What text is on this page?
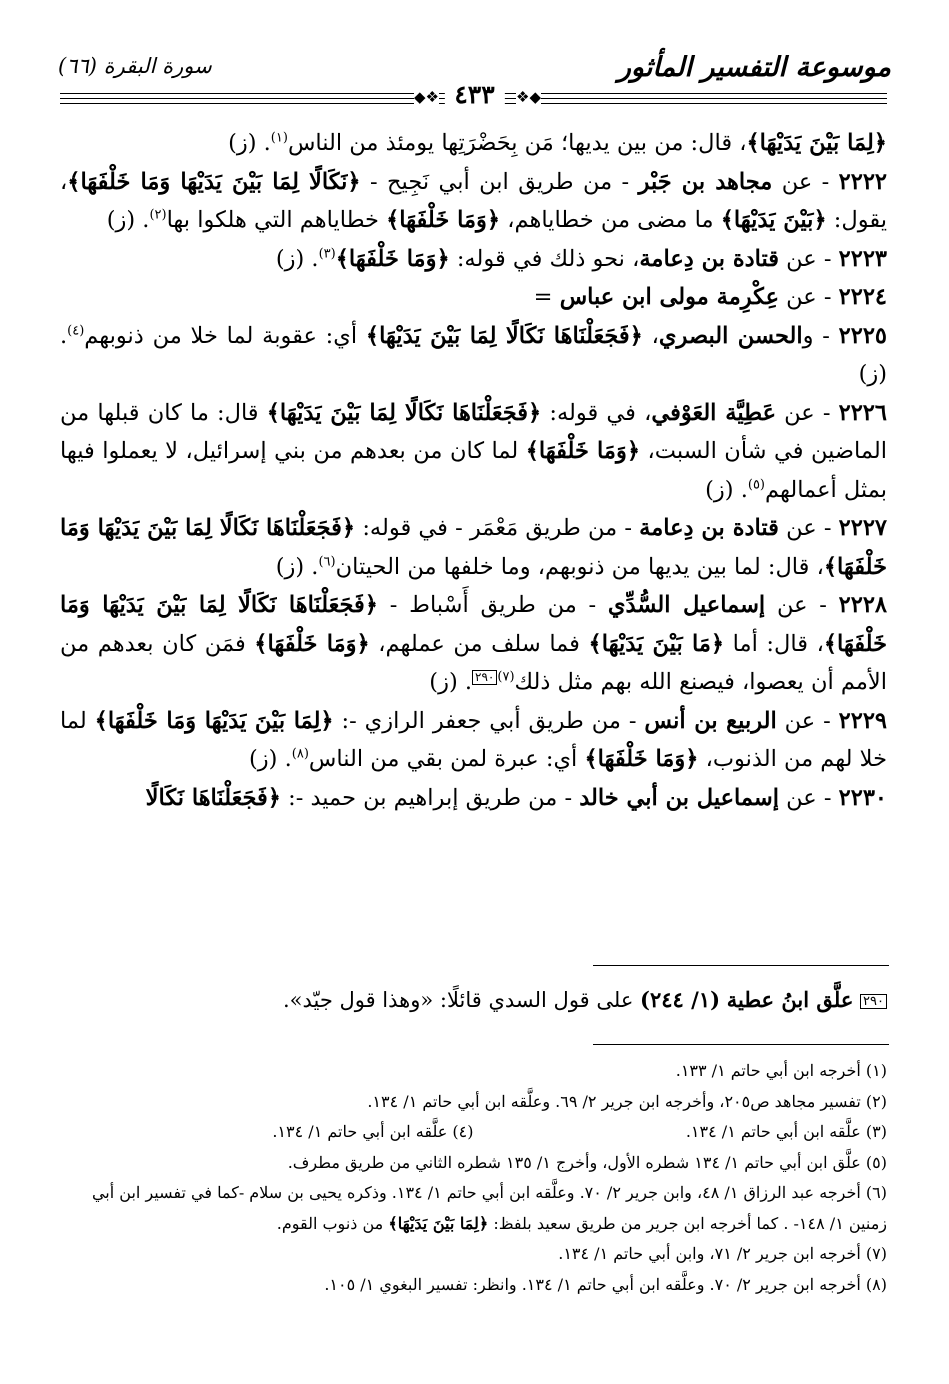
موسوعة التفسير المأثور
سورة البقرة (٦٦)
٤٣٣
◆❖	❖◆

﴿لِمَا بَيْنَ يَدَيْهَا﴾، قال: من بين يديها؛ مَن بِحَضْرَتِها يومئذ من الناس$^{(١)}$. (ز)

٢٢٢٢ - عن مجاهد بن جَبْر - من طريق ابن أبي نَجِيح - ﴿نَكَالًا لِمَا بَيْنَ يَدَيْهَا وَمَا خَلْفَهَا﴾، يقول: ﴿بَيْنَ يَدَيْهَا﴾ ما مضى من خطاياهم، ﴿وَمَا خَلْفَهَا﴾ خطاياهم التي هلكوا بها$^{(٢)}$. (ز)

٢٢٢٣ - عن قتادة بن دِعامة، نحو ذلك في قوله: ﴿وَمَا خَلْفَهَا﴾$^{(٣)}$. (ز)

٢٢٢٤ - عن عِكْرِمة مولى ابن عباس =

٢٢٢٥ - والحسن البصري، ﴿فَجَعَلْنَاهَا نَكَالًا لِمَا بَيْنَ يَدَيْهَا﴾ أي: عقوبة لما خلا من ذنوبهم$^{(٤)}$. (ز)

٢٢٢٦ - عن عَطِيَّة العَوْفي، في قوله: ﴿فَجَعَلْنَاهَا نَكَالًا لِمَا بَيْنَ يَدَيْهَا﴾ قال: ما كان قبلها من الماضين في شأن السبت، ﴿وَمَا خَلْفَهَا﴾ لما كان من بعدهم من بني إسرائيل، لا يعملوا فيها بمثل أعمالهم$^{(٥)}$. (ز)

٢٢٢٧ - عن قتادة بن دِعامة - من طريق مَعْمَر - في قوله: ﴿فَجَعَلْنَاهَا نَكَالًا لِمَا بَيْنَ يَدَيْهَا وَمَا خَلْفَهَا﴾، قال: لما بين يديها من ذنوبهم، وما خلفها من الحيتان$^{(٦)}$. (ز)

٢٢٢٨ - عن إسماعيل السُّدِّي - من طريق أَسْباط - ﴿فَجَعَلْنَاهَا نَكَالًا لِمَا بَيْنَ يَدَيْهَا وَمَا خَلْفَهَا﴾، قال: أما ﴿مَا بَيْنَ يَدَيْهَا﴾ فما سلف من عملهم، ﴿وَمَا خَلْفَهَا﴾ فمَن كان بعدهم من الأمم أن يعصوا، فيصنع الله بهم مثل ذلك$^{(٧)}$٢٩٠. (ز)

٢٢٢٩ - عن الربيع بن أنس - من طريق أبي جعفر الرازي -: ﴿لِمَا بَيْنَ يَدَيْهَا وَمَا خَلْفَهَا﴾ لما خلا لهم من الذنوب، ﴿وَمَا خَلْفَهَا﴾ أي: عبرة لمن بقي من الناس$^{(٨)}$. (ز)

٢٢٣٠ - عن إسماعيل بن أبي خالد - من طريق إبراهيم بن حميد -: ﴿فَجَعَلْنَاهَا نَكَالًا

٢٩٠ علَّق ابنُ عطية (١/ ٢٤٤) على قول السدي قائلًا: «وهذا قول جيّد».

(١) أخرجه ابن أبي حاتم ١/ ١٣٣.

(٢) تفسير مجاهد ص٢٠٥، وأخرجه ابن جرير ٢/ ٦٩. وعلَّقه ابن أبي حاتم ١/ ١٣٤.

(٣) علَّقه ابن أبي حاتم ١/ ١٣٤.
(٤) علَّقه ابن أبي حاتم ١/ ١٣٤.

(٥) علَّق ابن أبي حاتم ١/ ١٣٤ شطره الأول، وأخرج ١/ ١٣٥ شطره الثاني من طريق مطرف.

(٦) أخرجه عبد الرزاق ١/ ٤٨، وابن جرير ٢/ ٧٠. وعلَّقه ابن أبي حاتم ١/ ١٣٤. وذكره يحيى بن سلام -كما في تفسير ابن أبي زمنين ١/ ١٤٨- . كما أخرجه ابن جرير من طريق سعيد بلفظ: ﴿لِمَا بَيْنَ يَدَيْهَا﴾ من ذنوب القوم.

(٧) أخرجه ابن جرير ٢/ ٧١، وابن أبي حاتم ١/ ١٣٤.

(٨) أخرجه ابن جرير ٢/ ٧٠. وعلَّقه ابن أبي حاتم ١/ ١٣٤. وانظر: تفسير البغوي ١/ ١٠٥.
